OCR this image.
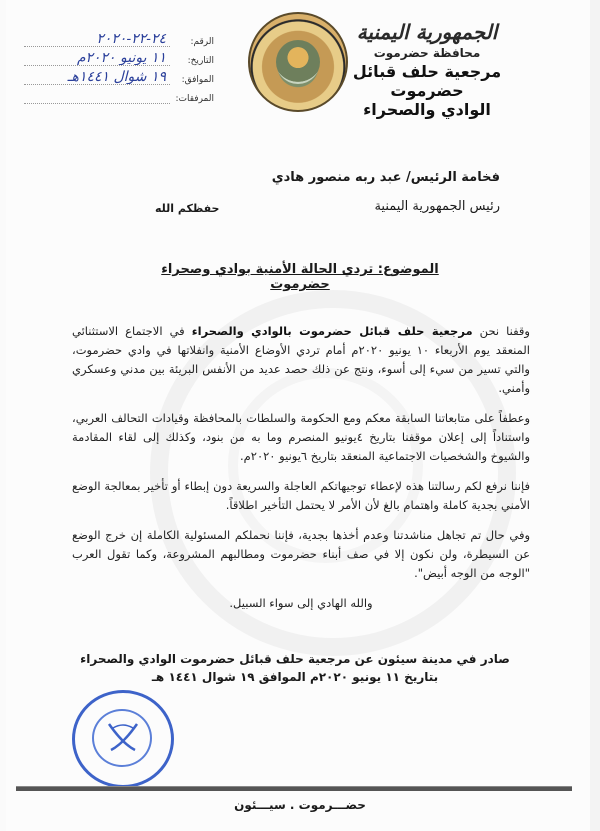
الجمهورية اليمنية
محافظة حضرموت
مرجعية حلف قبائل حضرموت
الوادي والصحراء
الرقم:
٢٤-٢٢-٢٠٢٠
التاريخ:
١١ يونيو ٢٠٢٠م
الموافق:
١٩ شوال ١٤٤١هـ
المرفقات:
فخامة الرئيس/ عبد ربه منصور هادي
رئيس الجمهورية اليمنية
حفظكم الله
الموضوع: تردي الحالة الأمنية بوادي وصحراء حضرموت

وقفنا نحن مرجعية حلف قبائل حضرموت بالوادي والصحراء في الاجتماع الاستثنائي المنعقد يوم الأربعاء ١٠ يونيو ٢٠٢٠م أمام تردي الأوضاع الأمنية وانفلاتها في وادي حضرموت، والتي تسير من سيء إلى أسوء، ونتج عن ذلك حصد عديد من الأنفس البريئة بين مدني وعسكري وأمني.

وعطفاً على متابعاتنا السابقة معكم ومع الحكومة والسلطات بالمحافظة وقيادات التحالف العربي، واستناداً إلى إعلان موقفنا بتاريخ ٤يونيو المنصرم وما به من بنود، وكذلك إلى لقاء المقادمة والشيوخ والشخصيات الاجتماعية المنعقد بتاريخ ٦يونيو ٢٠٢٠م.

فإننا نرفع لكم رسالتنا هذه لإعطاء توجيهاتكم العاجلة والسريعة دون إبطاء أو تأخير بمعالجة الوضع الأمني بجدية كاملة واهتمام بالغ لأن الأمر لا يحتمل التأخير اطلاقاً.

وفي حال تم تجاهل مناشدتنا وعدم أخذها بجدية، فإننا نحملكم المسئولية الكاملة إن خرج الوضع عن السيطرة، ولن نكون إلا في صف أبناء حضرموت ومطالبهم المشروعة، وكما تقول العرب "الوجه من الوجه أبيض".

والله الهادي إلى سواء السبيل.

صادر في مدينة سيئون عن مرجعية حلف قبائل حضرموت الوادي والصحراء
بتاريخ ١١ يونيو ٢٠٢٠م الموافق ١٩ شوال ١٤٤١ هـ
حضـــرموت . سيـــئون
